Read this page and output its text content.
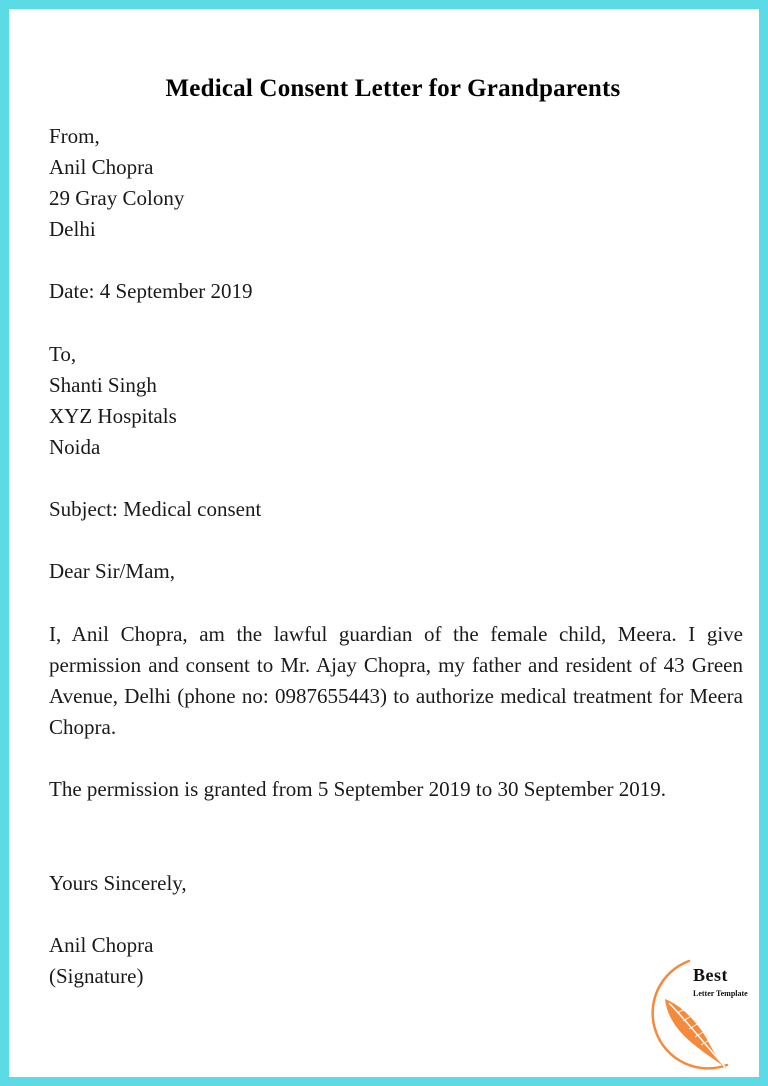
Medical Consent Letter for Grandparents
From,
Anil Chopra
29 Gray Colony
Delhi
Date: 4 September 2019
To,
Shanti Singh
XYZ Hospitals
Noida
Subject: Medical consent
Dear Sir/Mam,
I, Anil Chopra, am the lawful guardian of the female child, Meera. I give permission and consent to Mr. Ajay Chopra, my father and resident of 43 Green Avenue, Delhi (phone no: 0987655443) to authorize medical treatment for Meera Chopra.
The permission is granted from 5 September 2019 to 30 September 2019.
Yours Sincerely,
Anil Chopra
(Signature)	Best
Letter Template
